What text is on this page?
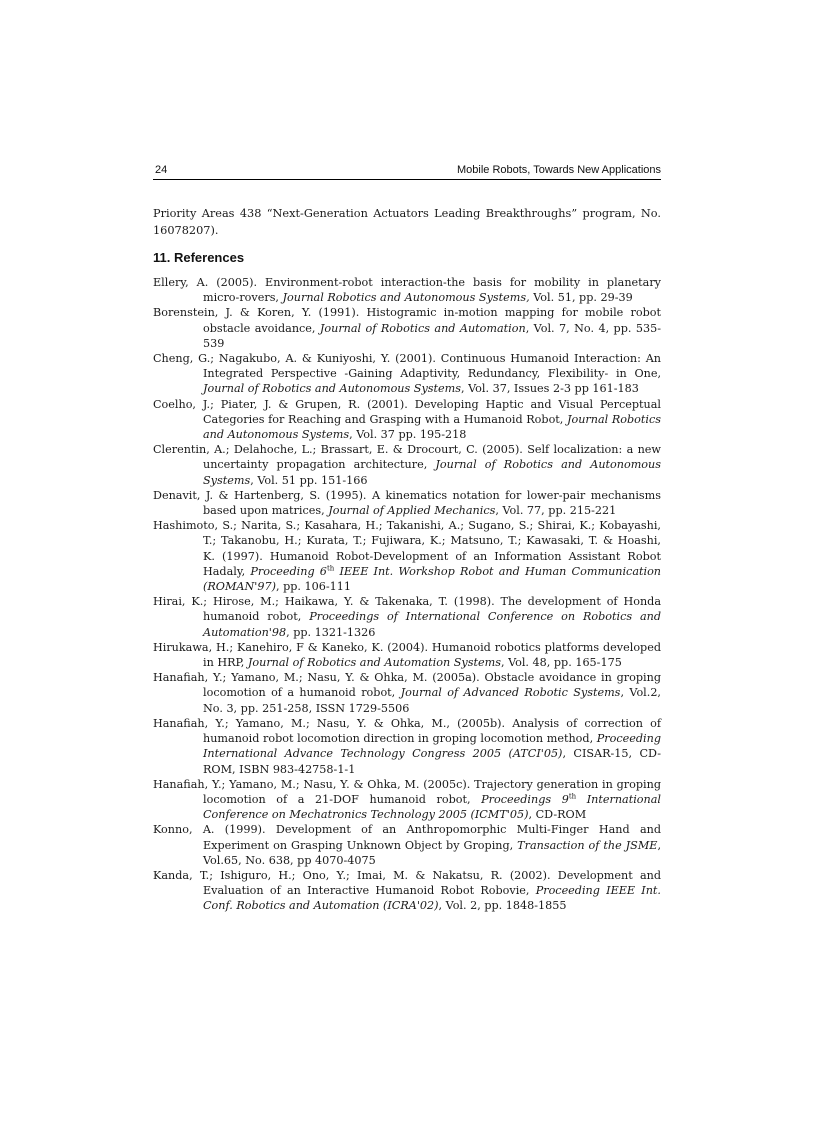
24	Mobile Robots, Towards New Applications

Priority Areas 438 “Next-Generation Actuators Leading Breakthroughs” program, No. 16078207).

11. References
Ellery, A. (2005). Environment-robot interaction-the basis for mobility in planetary micro-rovers, Journal Robotics and Autonomous Systems, Vol. 51, pp. 29-39
Borenstein, J. & Koren, Y. (1991). Histogramic in-motion mapping for mobile robot obstacle avoidance, Journal of Robotics and Automation, Vol. 7, No. 4, pp. 535-539
Cheng, G.; Nagakubo, A. & Kuniyoshi, Y. (2001). Continuous Humanoid Interaction: An Integrated Perspective -Gaining Adaptivity, Redundancy, Flexibility- in One, Journal of Robotics and Autonomous Systems, Vol. 37, Issues 2-3 pp 161-183
Coelho, J.; Piater, J. & Grupen, R. (2001). Developing Haptic and Visual Perceptual Categories for Reaching and Grasping with a Humanoid Robot, Journal Robotics and Autonomous Systems, Vol. 37 pp. 195-218
Clerentin, A.; Delahoche, L.; Brassart, E. & Drocourt, C. (2005). Self localization: a new uncertainty propagation architecture, Journal of Robotics and Autonomous Systems, Vol. 51 pp. 151-166
Denavit, J. & Hartenberg, S. (1995). A kinematics notation for lower-pair mechanisms based upon matrices, Journal of Applied Mechanics, Vol. 77, pp. 215-221
Hashimoto, S.; Narita, S.; Kasahara, H.; Takanishi, A.; Sugano, S.; Shirai, K.; Kobayashi, T.; Takanobu, H.; Kurata, T.; Fujiwara, K.; Matsuno, T.; Kawasaki, T. & Hoashi, K. (1997). Humanoid Robot-Development of an Information Assistant Robot Hadaly, Proceeding 6th IEEE Int. Workshop Robot and Human Communication (ROMAN'97), pp. 106-111
Hirai, K.; Hirose, M.; Haikawa, Y. & Takenaka, T. (1998). The development of Honda humanoid robot, Proceedings of International Conference on Robotics and Automation'98, pp. 1321-1326
Hirukawa, H.; Kanehiro, F & Kaneko, K. (2004). Humanoid robotics platforms developed in HRP, Journal of Robotics and Automation Systems, Vol. 48, pp. 165-175
Hanafiah, Y.; Yamano, M.; Nasu, Y. & Ohka, M. (2005a). Obstacle avoidance in groping locomotion of a humanoid robot, Journal of Advanced Robotic Systems, Vol.2, No. 3, pp. 251-258, ISSN 1729-5506
Hanafiah, Y.; Yamano, M.; Nasu, Y. & Ohka, M., (2005b). Analysis of correction of humanoid robot locomotion direction in groping locomotion method, Proceeding International Advance Technology Congress 2005 (ATCI'05), CISAR-15, CD-ROM, ISBN 983-42758-1-1
Hanafiah, Y.; Yamano, M.; Nasu, Y. & Ohka, M. (2005c). Trajectory generation in groping locomotion of a 21-DOF humanoid robot, Proceedings 9th International Conference on Mechatronics Technology 2005 (ICMT'05), CD-ROM
Konno, A. (1999). Development of an Anthropomorphic Multi-Finger Hand and Experiment on Grasping Unknown Object by Groping, Transaction of the JSME, Vol.65, No. 638, pp 4070-4075
Kanda, T.; Ishiguro, H.; Ono, Y.; Imai, M. & Nakatsu, R. (2002). Development and Evaluation of an Interactive Humanoid Robot Robovie, Proceeding IEEE Int. Conf. Robotics and Automation (ICRA'02), Vol. 2, pp. 1848-1855
